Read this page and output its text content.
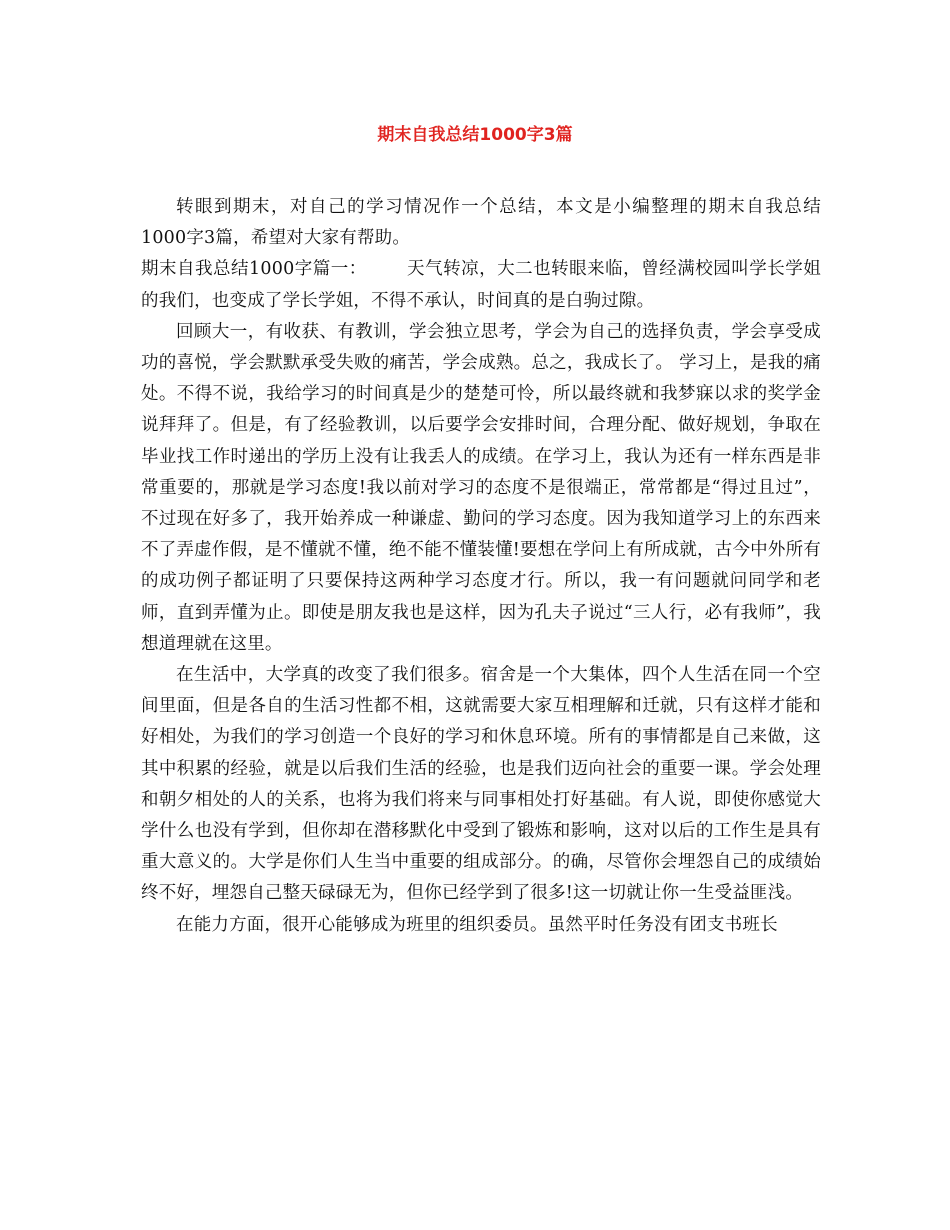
期末自我总结1000字3篇

转眼到期末，对自己的学习情况作一个总结，本文是小编整理的期末自我总结1000字3篇，希望对大家有帮助。

期末自我总结1000字篇一： 天气转凉，大二也转眼来临，曾经满校园叫学长学姐的我们，也变成了学长学姐，不得不承认，时间真的是白驹过隙。

回顾大一，有收获、有教训，学会独立思考，学会为自己的选择负责，学会享受成功的喜悦，学会默默承受失败的痛苦，学会成熟。总之，我成长了。 学习上，是我的痛处。不得不说，我给学习的时间真是少的楚楚可怜，所以最终就和我梦寐以求的奖学金说拜拜了。但是，有了经验教训，以后要学会安排时间，合理分配、做好规划，争取在毕业找工作时递出的学历上没有让我丢人的成绩。在学习上，我认为还有一样东西是非常重要的，那就是学习态度!我以前对学习的态度不是很端正，常常都是“得过且过”，不过现在好多了，我开始养成一种谦虚、勤问的学习态度。因为我知道学习上的东西来不了弄虚作假，是不懂就不懂，绝不能不懂装懂!要想在学问上有所成就，古今中外所有的成功例子都证明了只要保持这两种学习态度才行。所以，我一有问题就问同学和老师，直到弄懂为止。即使是朋友我也是这样，因为孔夫子说过“三人行，必有我师”，我想道理就在这里。

在生活中，大学真的改变了我们很多。宿舍是一个大集体，四个人生活在同一个空间里面，但是各自的生活习性都不相，这就需要大家互相理解和迁就，只有这样才能和好相处，为我们的学习创造一个良好的学习和休息环境。所有的事情都是自己来做，这其中积累的经验，就是以后我们生活的经验，也是我们迈向社会的重要一课。学会处理和朝夕相处的人的关系，也将为我们将来与同事相处打好基础。有人说，即使你感觉大学什么也没有学到，但你却在潜移默化中受到了锻炼和影响，这对以后的工作生是具有重大意义的。大学是你们人生当中重要的组成部分。的确，尽管你会埋怨自己的成绩始终不好，埋怨自己整天碌碌无为，但你已经学到了很多!这一切就让你一生受益匪浅。

在能力方面，很开心能够成为班里的组织委员。虽然平时任务没有团支书班长
